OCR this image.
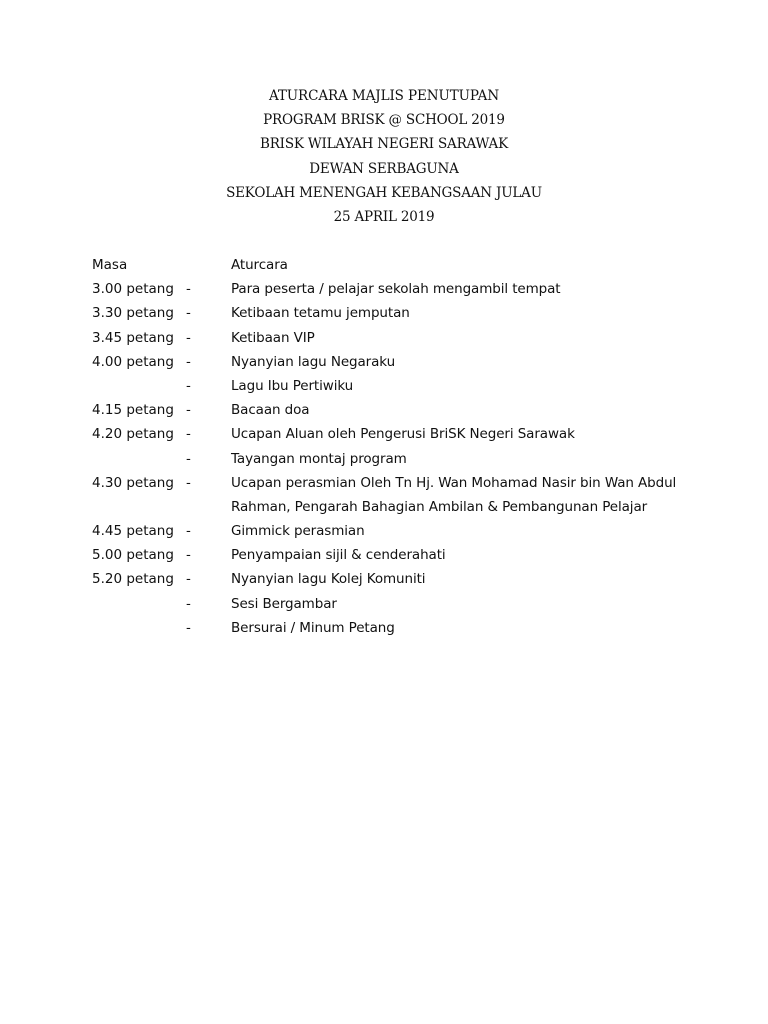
ATURCARA MAJLIS PENUTUPAN
PROGRAM BRISK @ SCHOOL 2019
BRISK WILAYAH NEGERI SARAWAK
DEWAN SERBAGUNA
SEKOLAH MENENGAH KEBANGSAAN JULAU
25 APRIL 2019
Masa	Aturcara
3.00 petang -	Para peserta / pelajar sekolah mengambil tempat
3.30 petang -	Ketibaan tetamu jemputan
3.45 petang -	Ketibaan VIP
4.00 petang -	Nyanyian lagu Negaraku
-	Lagu Ibu Pertiwiku
4.15 petang -	Bacaan doa
4.20 petang -	Ucapan Aluan oleh Pengerusi BriSK Negeri Sarawak
-	Tayangan montaj program
4.30 petang -	Ucapan perasmian Oleh Tn Hj. Wan Mohamad Nasir bin Wan Abdul
Rahman, Pengarah Bahagian Ambilan & Pembangunan Pelajar
4.45 petang -	Gimmick perasmian
5.00 petang -	Penyampaian sijil & cenderahati
5.20 petang -	Nyanyian lagu Kolej Komuniti
-	Sesi Bergambar
-	Bersurai / Minum Petang
